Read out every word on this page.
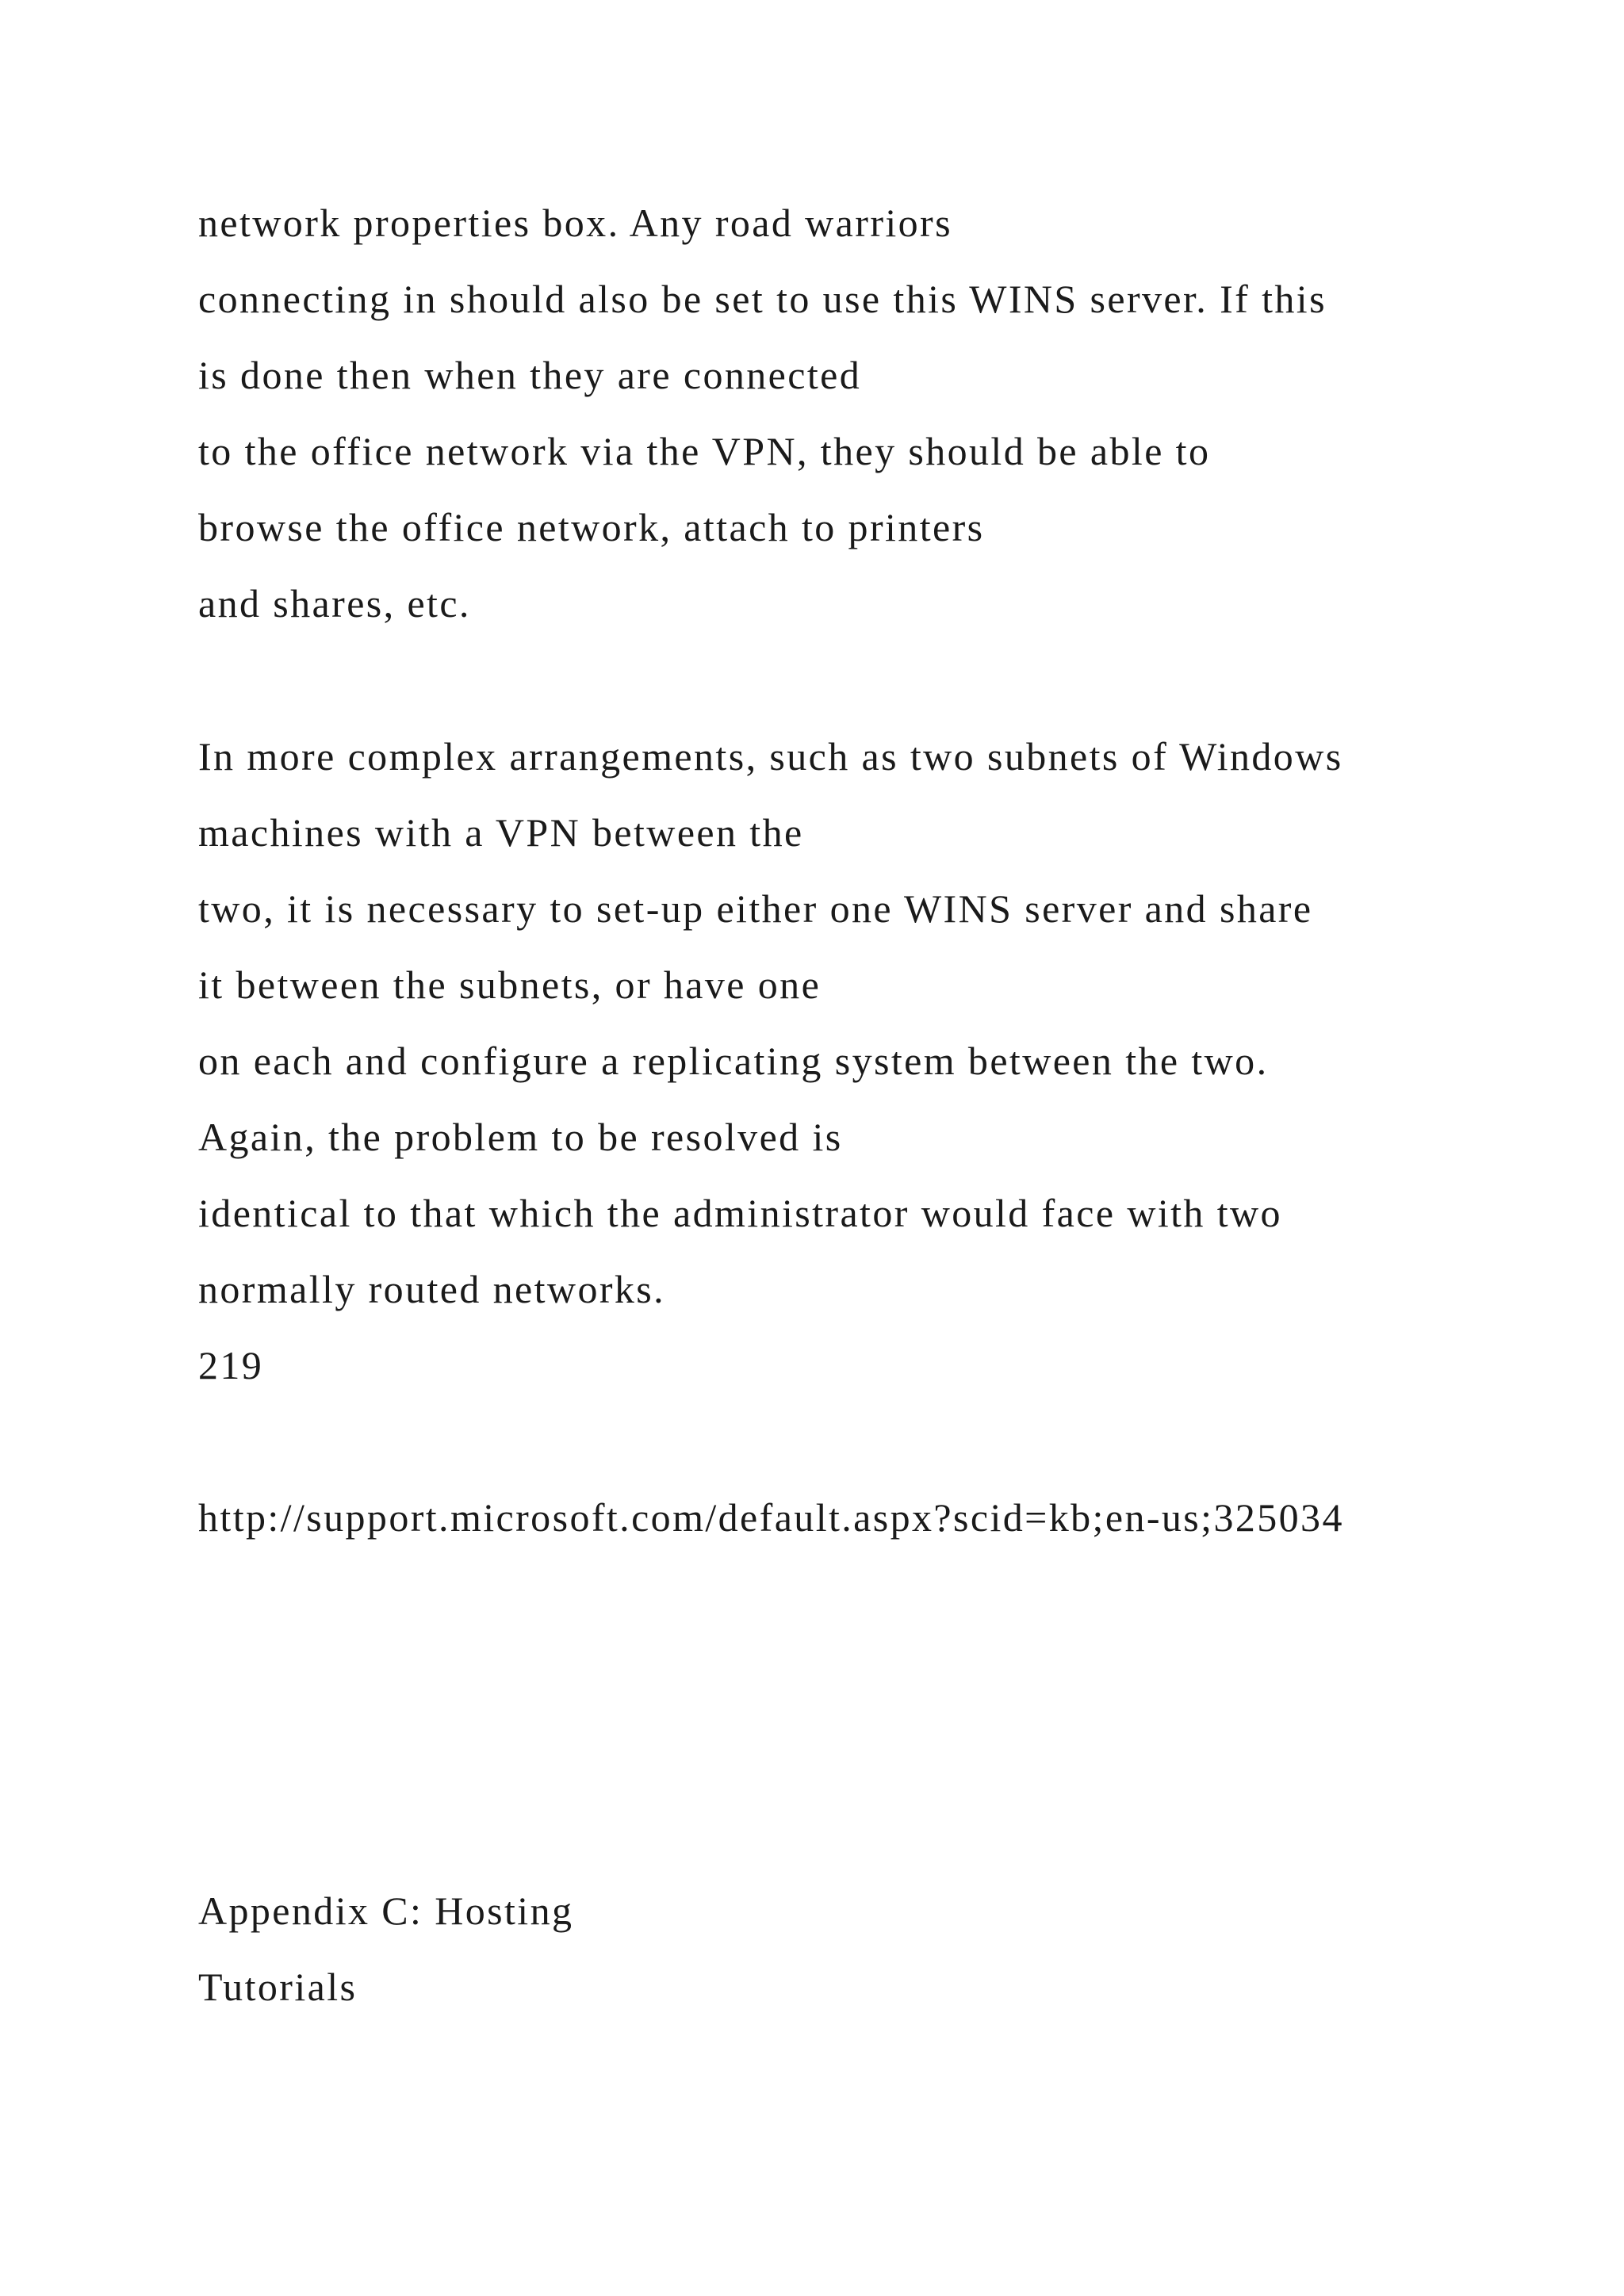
network properties box. Any road warriors
connecting in should also be set to use this WINS server. If this
is done then when they are connected
to the office network via the VPN, they should be able to
browse the office network, attach to printers
and shares, etc.
In more complex arrangements, such as two subnets of Windows
machines with a VPN between the
two, it is necessary to set-up either one WINS server and share
it between the subnets, or have one
on each and configure a replicating system between the two.
Again, the problem to be resolved is
identical to that which the administrator would face with two
normally routed networks.
219
http://support.microsoft.com/default.aspx?scid=kb;en-us;325034
Appendix C: Hosting
Tutorials
